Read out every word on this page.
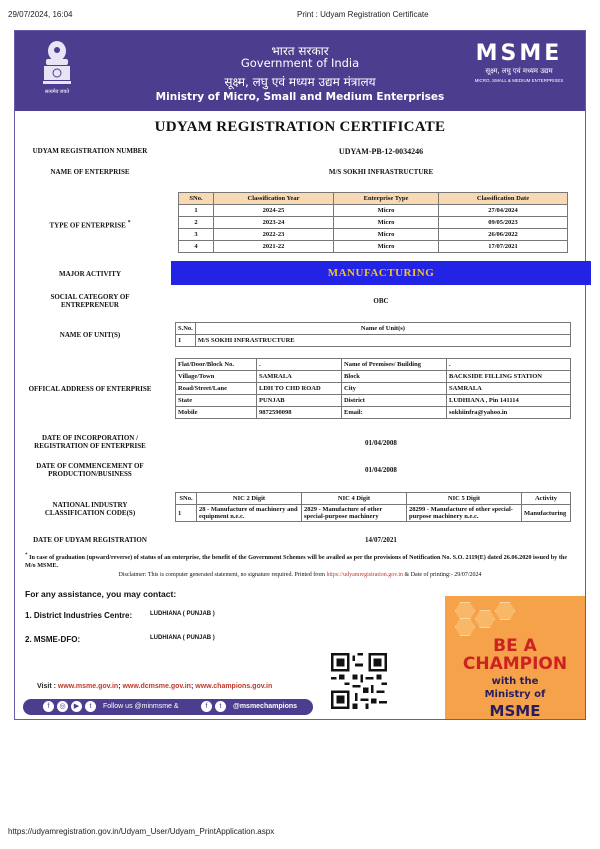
29/07/2024, 16:04	Print : Udyam Registration Certificate
सत्यमेव जयते
भारत सरकार
Government of India
सूक्ष्म, लघु एवं मध्यम उद्यम मंत्रालय
Ministry of Micro, Small and Medium Enterprises
MSME
सूक्ष्म, लघु एवं मध्यम उद्यम
MICRO, SMALL & MEDIUM ENTERPRISES
UDYAM REGISTRATION CERTIFICATE
UDYAM REGISTRATION NUMBER	UDYAM-PB-12-0034246
NAME OF ENTERPRISE	M/S SOKHI INFRASTRUCTURE
TYPE OF ENTERPRISE *
SNo.	Classification Year	Enterprise Type	Classification Date
1	2024-25	Micro	27/04/2024
2	2023-24	Micro	09/05/2023
3	2022-23	Micro	26/06/2022
4	2021-22	Micro	17/07/2021
MAJOR ACTIVITY	MANUFACTURING
SOCIAL CATEGORY OF
ENTREPRENEUR	OBC
NAME OF UNIT(S)
S.No.	Name of Unit(s)
1	M/S SOKHI INFRASTRUCTURE
OFFICAL ADDRESS OF ENTERPRISE
Flat/Door/Block No.	.	Name of Premises/ Building	.
Village/Town	SAMRALA	Block	BACKSIDE FILLING STATION
Road/Street/Lane	LDH TO CHD ROAD	City	SAMRALA
State	PUNJAB	District	LUDHIANA , Pin 141114
Mobile	9872590098	Email:	sokhiinfra@yahoo.in
DATE OF INCORPORATION /
REGISTRATION OF ENTERPRISE	01/04/2008
DATE OF COMMENCEMENT OF
PRODUCTION/BUSINESS	01/04/2008
NATIONAL INDUSTRY
CLASSIFICATION CODE(S)
SNo.	NIC 2 Digit	NIC 4 Digit	NIC 5 Digit	Activity
1	28 - Manufacture of machinery and equipment n.e.c.	2829 - Manufacture of other special-purpose machinery	28299 - Manufacture of other special-purpose machinery n.e.c.	Manufacturing
DATE OF UDYAM REGISTRATION	14/07/2021
* In case of graduation (upward/reverse) of status of an enterprise, the benefit of the Government Schemes will be availed as per the provisions of Notification No. S.O. 2119(E) dated 26.06.2020 issued by the M/o MSME.
Disclaimer: This is computer generated statement, no signature required. Printed from https://udyamregistration.gov.in & Date of printing:- 29/07/2024
For any assistance, you may contact:
1. District Industries Centre:	LUDHIANA ( PUNJAB )
2. MSME-DFO:	LUDHIANA ( PUNJAB )	BE A
CHAMPION
with the
Ministry of
MSME
Visit : www.msme.gov.in; www.dcmsme.gov.in; www.champions.gov.in
f	◎	▶	t	Follow us @minmsme &	f	t	@msmechampions
https://udyamregistration.gov.in/Udyam_User/Udyam_PrintApplication.aspx
